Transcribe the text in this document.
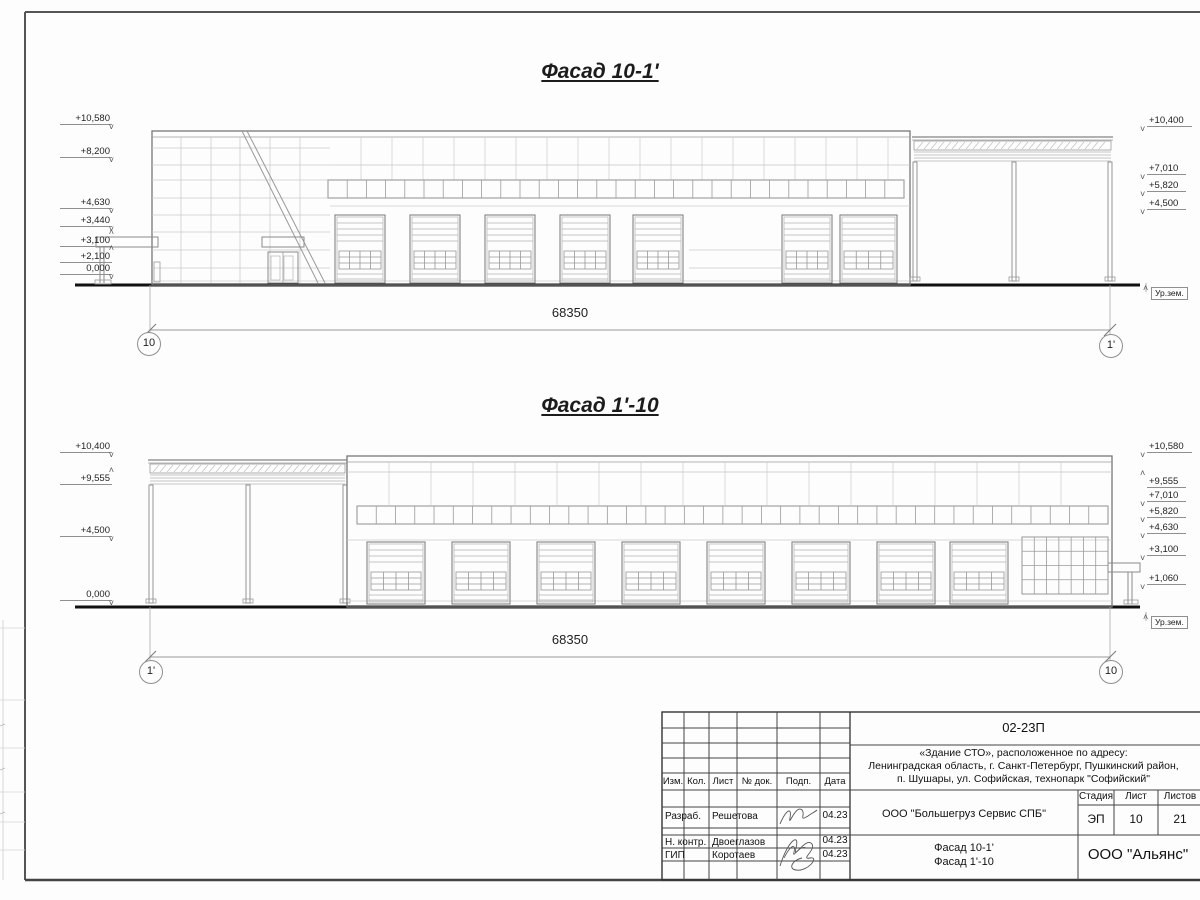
Фасад 10-1'
+10,580 ˅
+8,200 ˅
+4,630 ˅
+3,440 ˅
+3,100 ˄
+2,100 ˄
0,000 ˅
+10,400 ˅
+7,010 ˅
+5,820 ˅
+4,500 ˅
˄ Ур.зем.
68350
10	1'
Фасад 1'-10
+10,400 ˅
+9,555 ˄
+4,500 ˅
0,000 ˅
+10,580 ˅
+9,555 ˄
+7,010 ˅
+5,820 ˅
+4,630 ˅
+3,100 ˅
+1,060 ˅
˄ Ур.зем.
68350
1'	10
02-23П
«Здание СТО», расположенное по адресу:
Ленинградская область, г. Санкт-Петербург, Пушкинский район,
п. Шушары, ул. Софийская, технопарк "Софийский"
Изм. Кол. Лист № док.	Подп.	Дата
Разраб. Решетова	04.23
Н. контр. Двоеглазов	04.23
ГИП	Коротаев	04.23
ООО "Большегруз Сервис СПБ"
Стадия	Лист	Листов
ЭП	10	21
Фасад 10-1'
Фасад 1'-10	ООО "Альянс"
